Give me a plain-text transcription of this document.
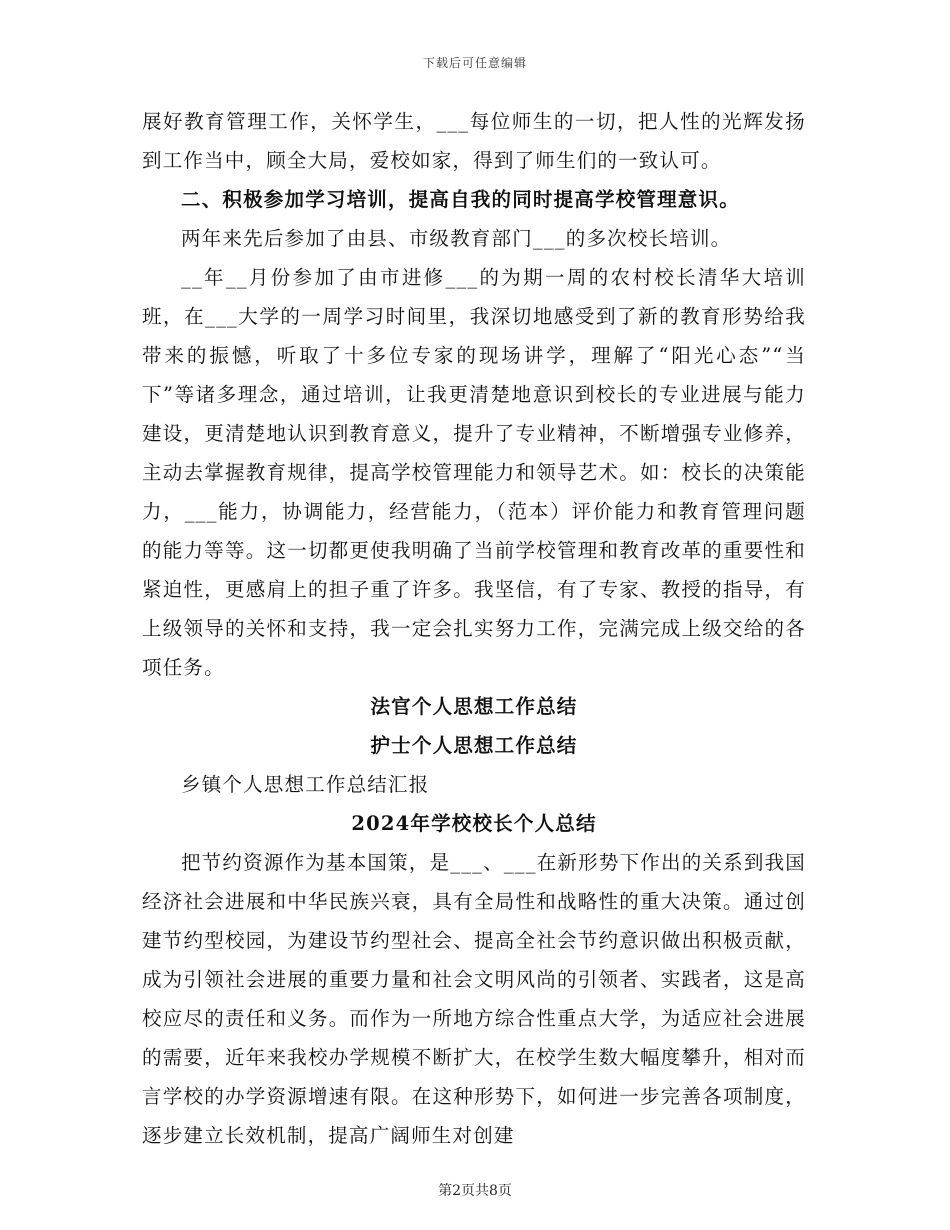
下载后可任意编辑

展好教育管理工作，关怀学生，___每位师生的一切，把人性的光辉发扬到工作当中，顾全大局，爱校如家，得到了师生们的一致认可。

二、积极参加学习培训，提高自我的同时提高学校管理意识。

两年来先后参加了由县、市级教育部门___的多次校长培训。

__年__月份参加了由市进修___的为期一周的农村校长清华大培训班，在___大学的一周学习时间里，我深切地感受到了新的教育形势给我带来的振憾，听取了十多位专家的现场讲学，理解了“阳光心态”“当下”等诸多理念，通过培训，让我更清楚地意识到校长的专业进展与能力建设，更清楚地认识到教育意义，提升了专业精神，不断增强专业修养，主动去掌握教育规律，提高学校管理能力和领导艺术。如：校长的决策能力，___能力，协调能力，经营能力，（范本）评价能力和教育管理问题的能力等等。这一切都更使我明确了当前学校管理和教育改革的重要性和紧迫性，更感肩上的担子重了许多。我坚信，有了专家、教授的指导，有上级领导的关怀和支持，我一定会扎实努力工作，完满完成上级交给的各项任务。

法官个人思想工作总结

护士个人思想工作总结

乡镇个人思想工作总结汇报

2024年学校校长个人总结

把节约资源作为基本国策，是___、___在新形势下作出的关系到我国经济社会进展和中华民族兴衰，具有全局性和战略性的重大决策。通过创建节约型校园，为建设节约型社会、提高全社会节约意识做出积极贡献，成为引领社会进展的重要力量和社会文明风尚的引领者、实践者，这是高校应尽的责任和义务。而作为一所地方综合性重点大学，为适应社会进展的需要，近年来我校办学规模不断扩大，在校学生数大幅度攀升，相对而言学校的办学资源增速有限。在这种形势下，如何进一步完善各项制度，逐步建立长效机制，提高广阔师生对创建

第2页共8页
